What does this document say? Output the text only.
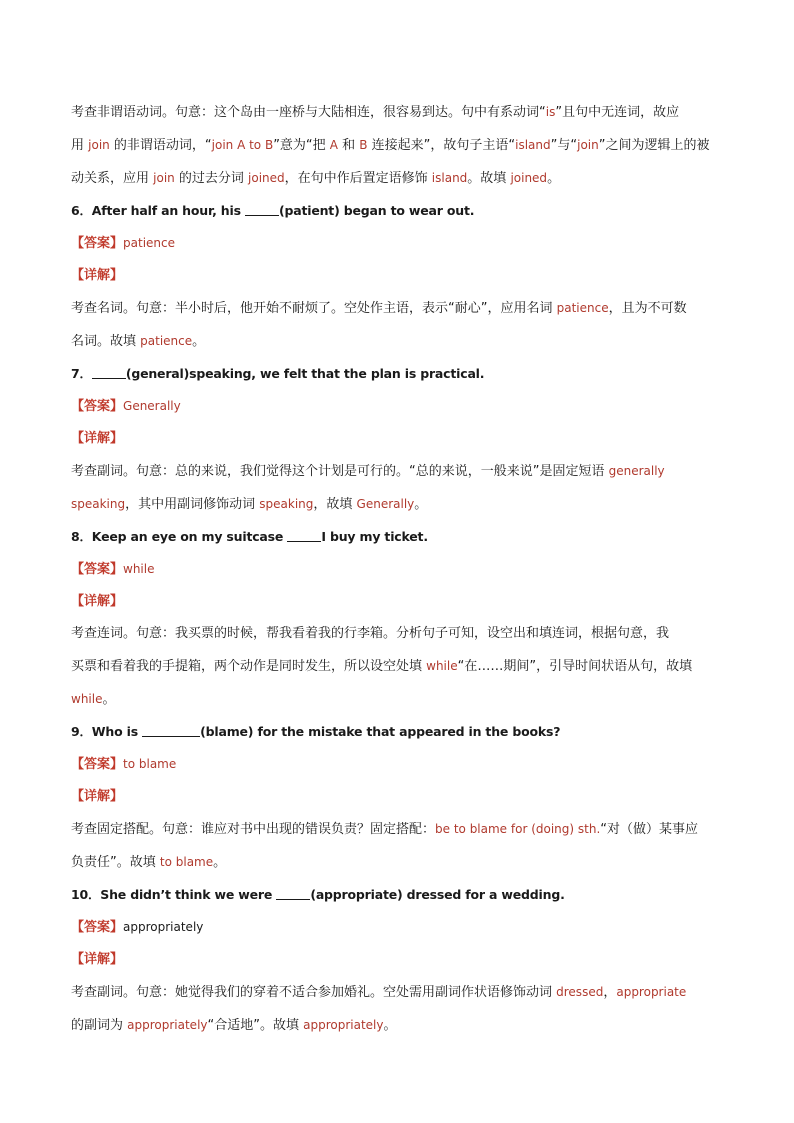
考查非谓语动词。句意：这个岛由一座桥与大陆相连，很容易到达。句中有系动词“is”且句中无连词，故应

用 join 的非谓语动词，“join A to B”意为“把 A 和 B 连接起来”，故句子主语“island”与“join”之间为逻辑上的被

动关系，应用 join 的过去分词 joined，在句中作后置定语修饰 island。故填 joined。

6．After half an hour, his	(patient) began to wear out.

【答案】patience

【详解】

考查名词。句意：半小时后，他开始不耐烦了。空处作主语，表示“耐心”，应用名词 patience，且为不可数

名词。故填 patience。

7．	(general)speaking, we felt that the plan is practical.

【答案】Generally

【详解】

考查副词。句意：总的来说，我们觉得这个计划是可行的。“总的来说，一般来说”是固定短语 generally

speaking，其中用副词修饰动词 speaking，故填 Generally。

8．Keep an eye on my suitcase	I buy my ticket.

【答案】while

【详解】

考查连词。句意：我买票的时候，帮我看着我的行李箱。分析句子可知，设空出和填连词，根据句意，我

买票和看着我的手提箱，两个动作是同时发生，所以设空处填 while“在……期间”，引导时间状语从句，故填

while。

9．Who is	(blame) for the mistake that appeared in the books?

【答案】to blame

【详解】

考查固定搭配。句意：谁应对书中出现的错误负责？固定搭配：be to blame for (doing) sth.“对（做）某事应

负责任”。故填 to blame。

10．She didn’t think we were	(appropriate) dressed for a wedding.

【答案】appropriately

【详解】

考查副词。句意：她觉得我们的穿着不适合参加婚礼。空处需用副词作状语修饰动词 dressed，appropriate

的副词为 appropriately“合适地”。故填 appropriately。
